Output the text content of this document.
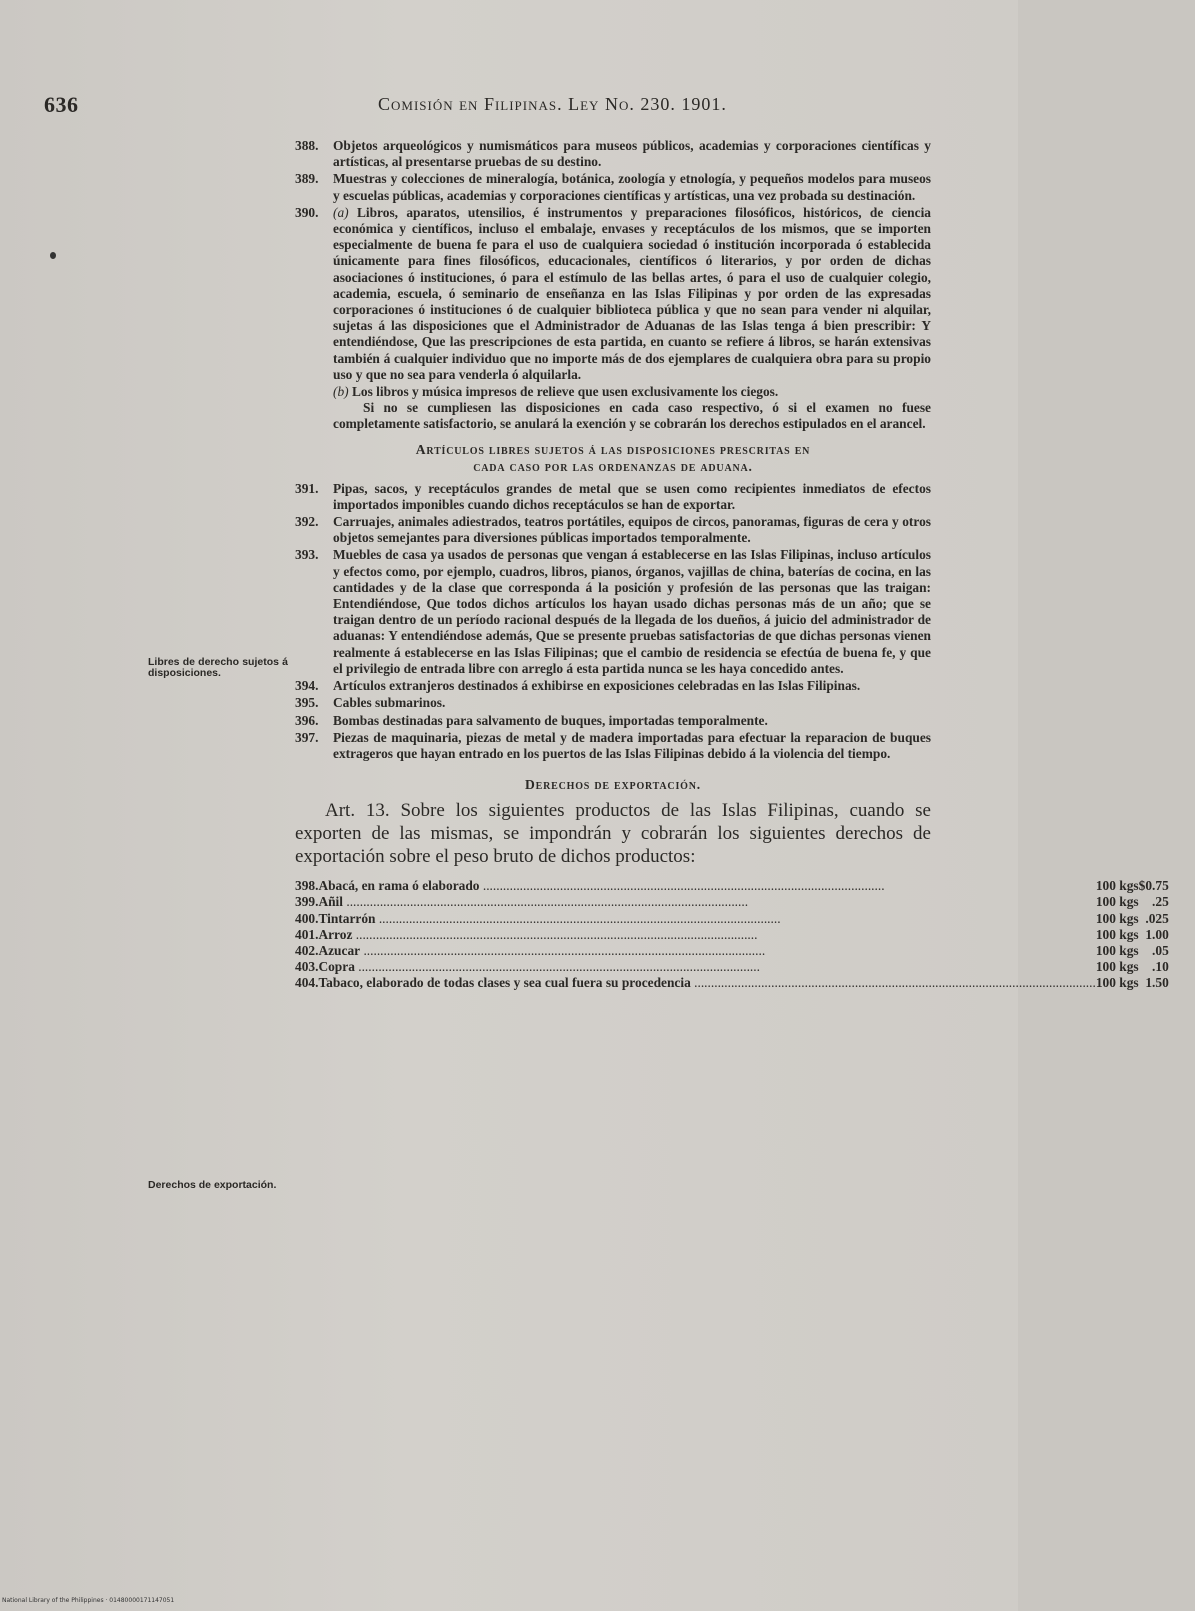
636	Comisión en Filipinas. Ley No. 230. 1901.
Libres de derecho sujetos á disposiciones.
Derechos de exportación.
388.	Objetos arqueológicos y numismáticos para museos públicos, academias y corporaciones científicas y artísticas, al presentarse pruebas de su destino.
389.	Muestras y colecciones de mineralogía, botánica, zoología y etnología, y pequeños modelos para museos y escuelas públicas, academias y corporaciones científicas y artísticas, una vez probada su destinación.
390.	(a) Libros, aparatos, utensilios, é instrumentos y preparaciones filosóficos, históricos, de ciencia económica y científicos, incluso el embalaje, envases y receptáculos de los mismos, que se importen especialmente de buena fe para el uso de cualquiera sociedad ó institución incorporada ó establecida únicamente para fines filosóficos, educacionales, científicos ó literarios, y por orden de dichas asociaciones ó instituciones, ó para el estímulo de las bellas artes, ó para el uso de cualquier colegio, academia, escuela, ó seminario de enseñanza en las Islas Filipinas y por orden de las expresadas corporaciones ó instituciones ó de cualquier biblioteca pública y que no sean para vender ni alquilar, sujetas á las disposiciones que el Administrador de Aduanas de las Islas tenga á bien prescribir: Y entendiéndose, Que las prescripciones de esta partida, en cuanto se refiere á libros, se harán extensivas también á cualquier individuo que no importe más de dos ejemplares de cualquiera obra para su propio uso y que no sea para venderla ó alquilarla.
(b) Los libros y música impresos de relieve que usen exclusivamente los ciegos.
Si no se cumpliesen las disposiciones en cada caso respectivo, ó si el examen no fuese completamente satisfactorio, se anulará la exención y se cobrarán los derechos estipulados en el arancel.
Artículos libres sujetos á las disposiciones prescritas en
cada caso por las ordenanzas de aduana.
391.	Pipas, sacos, y receptáculos grandes de metal que se usen como recipientes inmediatos de efectos importados imponibles cuando dichos receptáculos se han de exportar.
392.	Carruajes, animales adiestrados, teatros portátiles, equipos de circos, panoramas, figuras de cera y otros objetos semejantes para diversiones públicas importados temporalmente.
393.	Muebles de casa ya usados de personas que vengan á establecerse en las Islas Filipinas, incluso artículos y efectos como, por ejemplo, cuadros, libros, pianos, órganos, vajillas de china, baterías de cocina, en las cantidades y de la clase que corresponda á la posición y profesión de las personas que las traigan: Entendiéndose, Que todos dichos artículos los hayan usado dichas personas más de un año; que se traigan dentro de un período racional después de la llegada de los dueños, á juicio del administrador de aduanas: Y entendiéndose además, Que se presente pruebas satisfactorias de que dichas personas vienen realmente á establecerse en las Islas Filipinas; que el cambio de residencia se efectúa de buena fe, y que el privilegio de entrada libre con arreglo á esta partida nunca se les haya concedido antes.
394.	Artículos extranjeros destinados á exhibirse en exposiciones celebradas en las Islas Filipinas.
395.	Cables submarinos.
396.	Bombas destinadas para salvamento de buques, importadas temporalmente.
397.	Piezas de maquinaria, piezas de metal y de madera importadas para efectuar la reparacion de buques extrageros que hayan entrado en los puertos de las Islas Filipinas debido á la violencia del tiempo.
Derechos de exportación.
Art. 13. Sobre los siguientes productos de las Islas Filipinas, cuando se exporten de las mismas, se impondrán y cobrarán los siguientes derechos de exportación sobre el peso bruto de dichos productos:
398.	Abacá, en rama ó elaborado ........................................................................................................................	100 kgs	$0.75
399.	Añil ........................................................................................................................	100 kgs	.25
400.	Tintarrón ........................................................................................................................	100 kgs	.025
401.	Arroz ........................................................................................................................	100 kgs	1.00
402.	Azucar ........................................................................................................................	100 kgs	.05
403.	Copra ........................................................................................................................	100 kgs	.10
404.	Tabaco, elaborado de todas clases y sea cual fuera su procedencia ........................................................................................................................	100 kgs	1.50
National Library of the Philippines · 01480000171147051
